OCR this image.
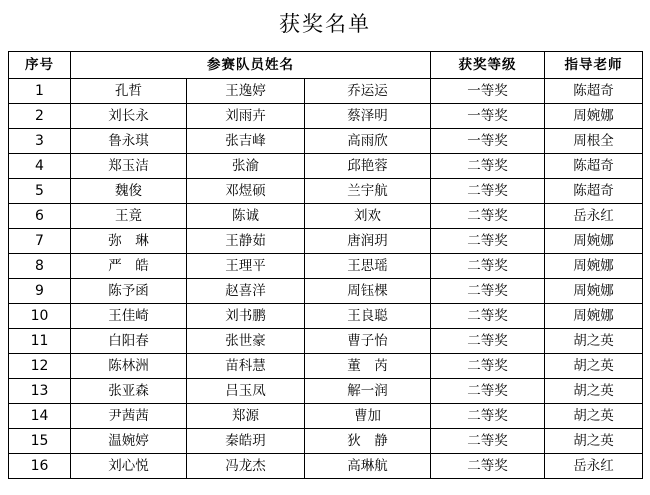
获奖名单
序号	参赛队员姓名			获奖等级	指导老师
1	孔哲	王逸婷	乔运运	一等奖	陈超奇
2	刘长永	刘雨卉	蔡泽明	一等奖	周婉娜
3	鲁永琪	张吉峰	高雨欣	一等奖	周根全
4	郑玉洁	张渝	邱艳蓉	二等奖	陈超奇
5	魏俊	邓煜硕	兰宇航	二等奖	陈超奇
6	王竟	陈诚	刘欢	二等奖	岳永红
7	弥　琳	王静茹	唐润玥	二等奖	周婉娜
8	严　皓	王理平	王思瑶	二等奖	周婉娜
9	陈予函	赵喜洋	周钰棵	二等奖	周婉娜
10	王佳崎	刘书鹏	王良聪	二等奖	周婉娜
11	白阳春	张世豪	曹子怡	二等奖	胡之英
12	陈林洲	苗科慧	董　芮	二等奖	胡之英
13	张亚森	吕玉凤	解一润	二等奖	胡之英
14	尹茜茜	郑源	曹加	二等奖	胡之英
15	温婉婷	秦皓玥	狄　静	二等奖	胡之英
16	刘心悦	冯龙杰	高琳航	二等奖	岳永红
